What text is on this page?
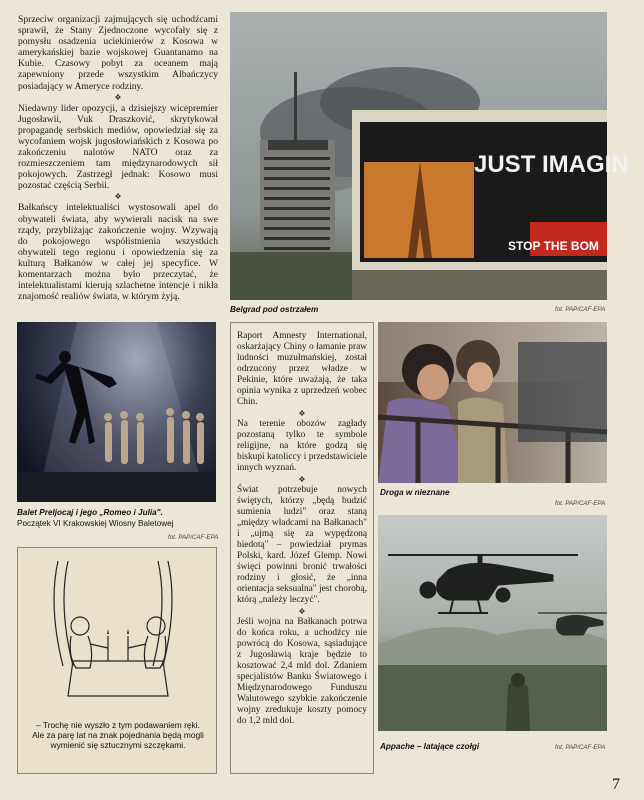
Sprzeciw organizacji zajmujących się uchodźcami sprawił, że Stany Zjednoczone wycofały się z pomysłu osadzenia uciekinierów z Kosowa w amerykańskiej bazie wojskowej Guantanamo na Kubie. Czasowy pobyt za oceanem mają zapewniony przede wszystkim Albańczycy posiadający w Ameryce rodziny.

❖

Niedawny lider opozycji, a dzisiejszy wicepremier Jugosławii, Vuk Draszković, skrytykował propagandę serbskich mediów, opowiedział się za wycofaniem wojsk jugosłowiańskich z Kosowa po zakończeniu nalotów NATO oraz za rozmieszczeniem tam międzynarodowych sił pokojowych. Zastrzegł jednak: Kosowo musi pozostać częścią Serbii.

❖

Bałkańscy intelektualiści wystosowali apel do obywateli świata, aby wywierali nacisk na swe rządy, przybliżając zakończenie wojny. Wzywają do pokojowego współistnienia wszystkich obywateli tego regionu i opowiedzenia się za kulturą Bałkanów w całej jej specyfice. W komentarzach można było przeczytać, że intelektualistami kierują szlachetne intencje i nikła znajomość realiów świata, w którym żyją.

JUST IMAGIN
STOP THE BOM
Belgrad pod ostrzałem	fot. PAP/CAF-EPA
Balet Preljocaj i jego „Romeo i Julia".
Początek VI Krakowskiej Wiosny Baletowej
fot. PAP/CAF-EPA
– Trochę nie wyszło z tym podawaniem ręki. Ale za parę lat na znak pojednania będą mogli wymienić się sztucznymi szczękami.

Raport Amnesty International, oskarżający Chiny o łamanie praw ludności muzułmańskiej, został odrzucony przez władze w Pekinie, które uważają, że taka opinia wynika z uprzedzeń wobec Chin.

❖

Na terenie obozów zagłady pozostaną tylko te symbole religijne, na które godzą się biskupi katoliccy i przedstawiciele innych wyznań.

❖

Świat potrzebuje nowych świętych, którzy „będą budzić sumienia ludzi" oraz staną „między władcami na Bałkanach" i „ujmą się za wypędzoną biedotą" – powiedział prymas Polski, kard. Józef Glemp. Nowi święci powinni bronić trwałości rodziny i głosić, że „inna orientacja seksualna" jest chorobą, którą „należy leczyć".

❖

Jeśli wojna na Bałkanach potrwa do końca roku, a uchodźcy nie powrócą do Kosowa, sąsiadujące z Jugosławią kraje będzie to kosztować 2,4 mld dol. Zdaniem specjalistów Banku Światowego i Międzynarodowego Funduszu Walutowego szybkie zakończenie wojny zredukuje koszty pomocy do 1,2 mld dol.

Droga w nieznane
fot. PAP/CAF-EPA
Appache – latające czołgi	fot. PAP/CAF-EPA
7
